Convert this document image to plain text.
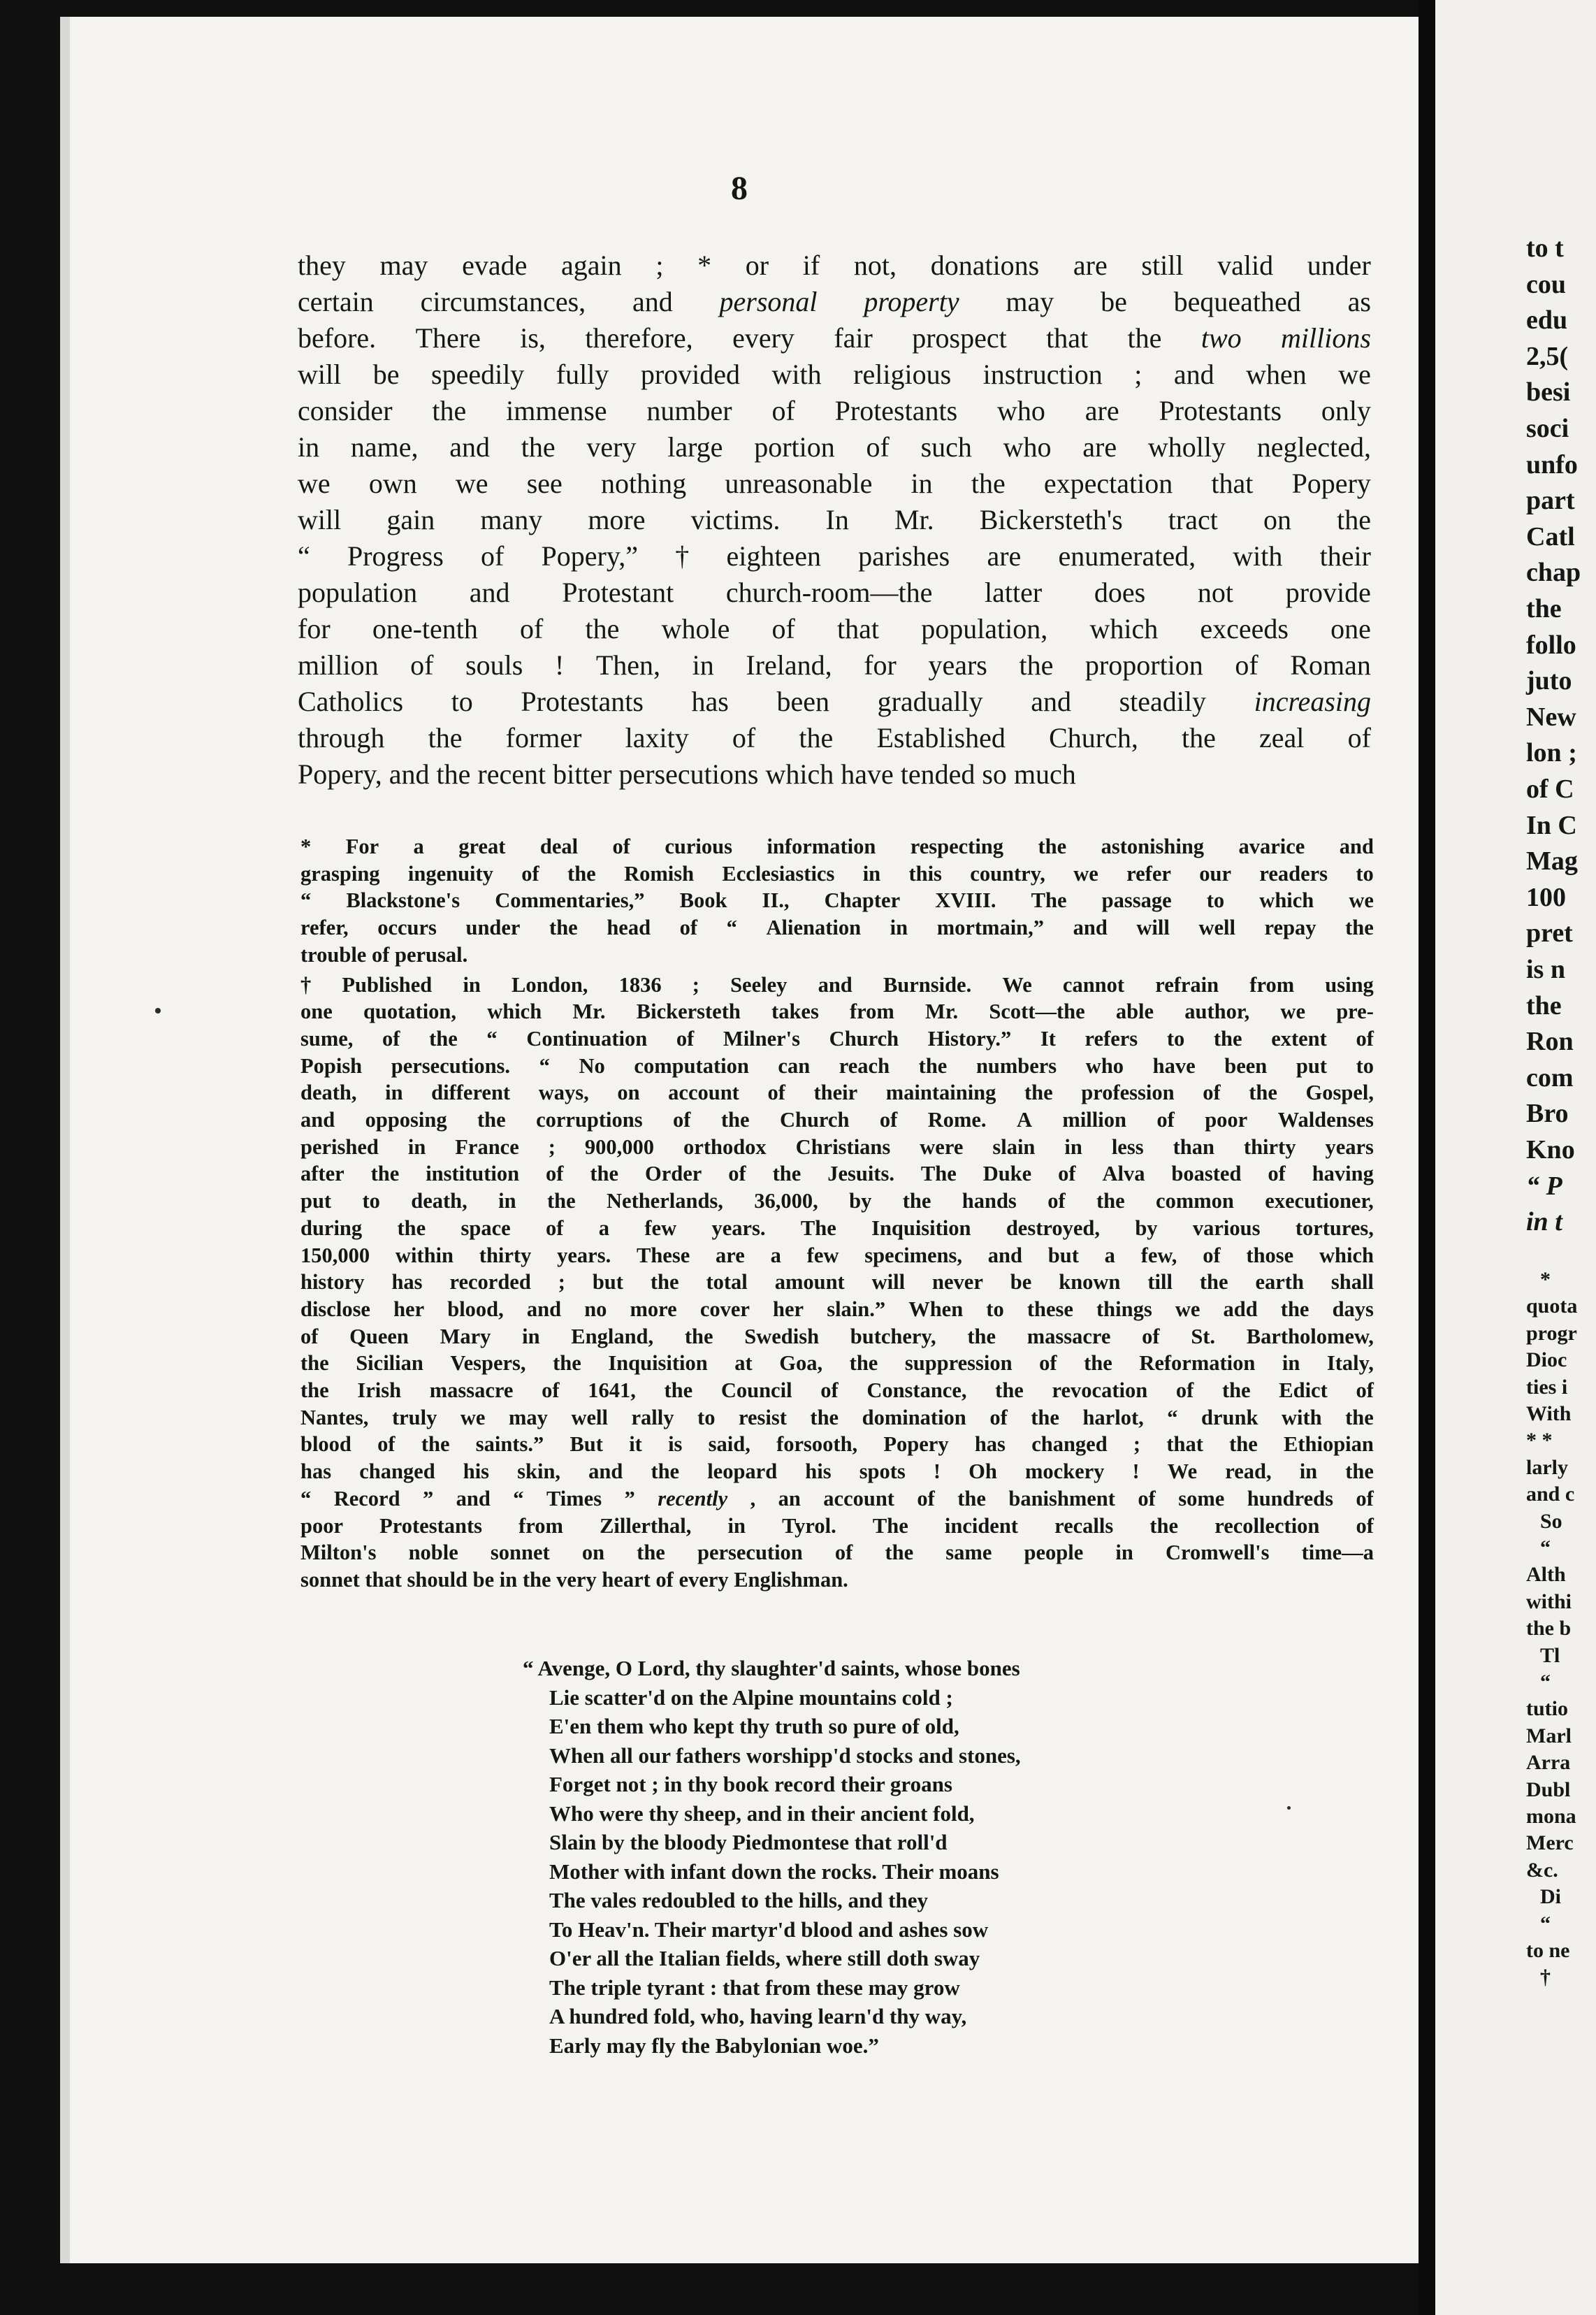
8
they may evade again ; * or if not, donations are still valid under
certain circumstances, and personal property may be bequeathed as
before. There is, therefore, every fair prospect that the two millions
will be speedily fully provided with religious instruction ; and when we
consider the immense number of Protestants who are Protestants only
in name, and the very large portion of such who are wholly neglected,
we own we see nothing unreasonable in the expectation that Popery
will gain many more victims. In Mr. Bickersteth's tract on the
“ Progress of Popery,” † eighteen parishes are enumerated, with their
population and Protestant church-room—the latter does not provide
for one-tenth of the whole of that population, which exceeds one
million of souls ! Then, in Ireland, for years the proportion of Roman
Catholics to Protestants has been gradually and steadily increasing
through the former laxity of the Established Church, the zeal of
Popery, and the recent bitter persecutions which have tended so much
* For a great deal of curious information respecting the astonishing avarice and
grasping ingenuity of the Romish Ecclesiastics in this country, we refer our readers to
“ Blackstone's Commentaries,” Book II., Chapter XVIII. The passage to which we
refer, occurs under the head of “ Alienation in mortmain,” and will well repay the
trouble of perusal.
† Published in London, 1836 ; Seeley and Burnside. We cannot refrain from using
one quotation, which Mr. Bickersteth takes from Mr. Scott—the able author, we pre-
sume, of the “ Continuation of Milner's Church History.” It refers to the extent of
Popish persecutions. “ No computation can reach the numbers who have been put to
death, in different ways, on account of their maintaining the profession of the Gospel,
and opposing the corruptions of the Church of Rome. A million of poor Waldenses
perished in France ; 900,000 orthodox Christians were slain in less than thirty years
after the institution of the Order of the Jesuits. The Duke of Alva boasted of having
put to death, in the Netherlands, 36,000, by the hands of the common executioner,
during the space of a few years. The Inquisition destroyed, by various tortures,
150,000 within thirty years. These are a few specimens, and but a few, of those which
history has recorded ; but the total amount will never be known till the earth shall
disclose her blood, and no more cover her slain.” When to these things we add the days
of Queen Mary in England, the Swedish butchery, the massacre of St. Bartholomew,
the Sicilian Vespers, the Inquisition at Goa, the suppression of the Reformation in Italy,
the Irish massacre of 1641, the Council of Constance, the revocation of the Edict of
Nantes, truly we may well rally to resist the domination of the harlot, “ drunk with the
blood of the saints.” But it is said, forsooth, Popery has changed ; that the Ethiopian
has changed his skin, and the leopard his spots ! Oh mockery ! We read, in the
“ Record ” and “ Times ” recently , an account of the banishment of some hundreds of
poor Protestants from Zillerthal, in Tyrol. The incident recalls the recollection of
Milton's noble sonnet on the persecution of the same people in Cromwell's time—a
sonnet that should be in the very heart of every Englishman.
“ Avenge, O Lord, thy slaughter'd saints, whose bones
Lie scatter'd on the Alpine mountains cold ;
E'en them who kept thy truth so pure of old,
When all our fathers worshipp'd stocks and stones,
Forget not ; in thy book record their groans
Who were thy sheep, and in their ancient fold,
Slain by the bloody Piedmontese that roll'd
Mother with infant down the rocks. Their moans
The vales redoubled to the hills, and they
To Heav'n. Their martyr'd blood and ashes sow
O'er all the Italian fields, where still doth sway
The triple tyrant : that from these may grow
A hundred fold, who, having learn'd thy way,
Early may fly the Babylonian woe.”
to t
cou
edu
2,5(
besi
soci
unfo
part
Catl
chap
the
follo
juto
New
lon ;
of C
In C
Mag
100
pret
is n
the
Ron
com
Bro
Kno
“ P
in t
*
quota
progr
Dioc
ties i
With
* *
larly
and c
So
“
Alth
withi
the b
Tl
“
tutio
Marl
Arra
Dubl
mona
Merc
&c.
Di
“
to ne
†
